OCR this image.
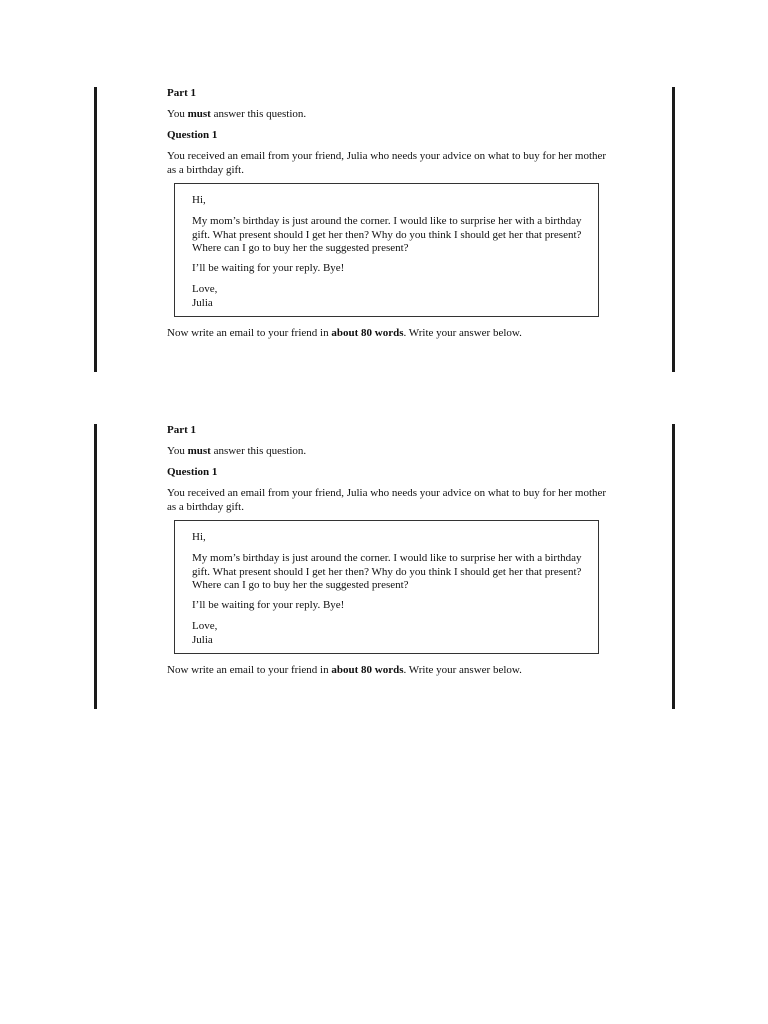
Part 1
You must answer this question.
Question 1
You received an email from your friend, Julia who needs your advice on what to buy for her mother as a birthday gift.
Hi,
My mom’s birthday is just around the corner. I would like to surprise her with a birthday gift. What present should I get her then? Why do you think I should get her that present? Where can I go to buy her the suggested present?
I’ll be waiting for your reply. Bye!
Love,
Julia
Now write an email to your friend in about 80 words. Write your answer below.
Part 1
You must answer this question.
Question 1
You received an email from your friend, Julia who needs your advice on what to buy for her mother as a birthday gift.
Hi,
My mom’s birthday is just around the corner. I would like to surprise her with a birthday gift. What present should I get her then? Why do you think I should get her that present? Where can I go to buy her the suggested present?
I’ll be waiting for your reply. Bye!
Love,
Julia
Now write an email to your friend in about 80 words. Write your answer below.
